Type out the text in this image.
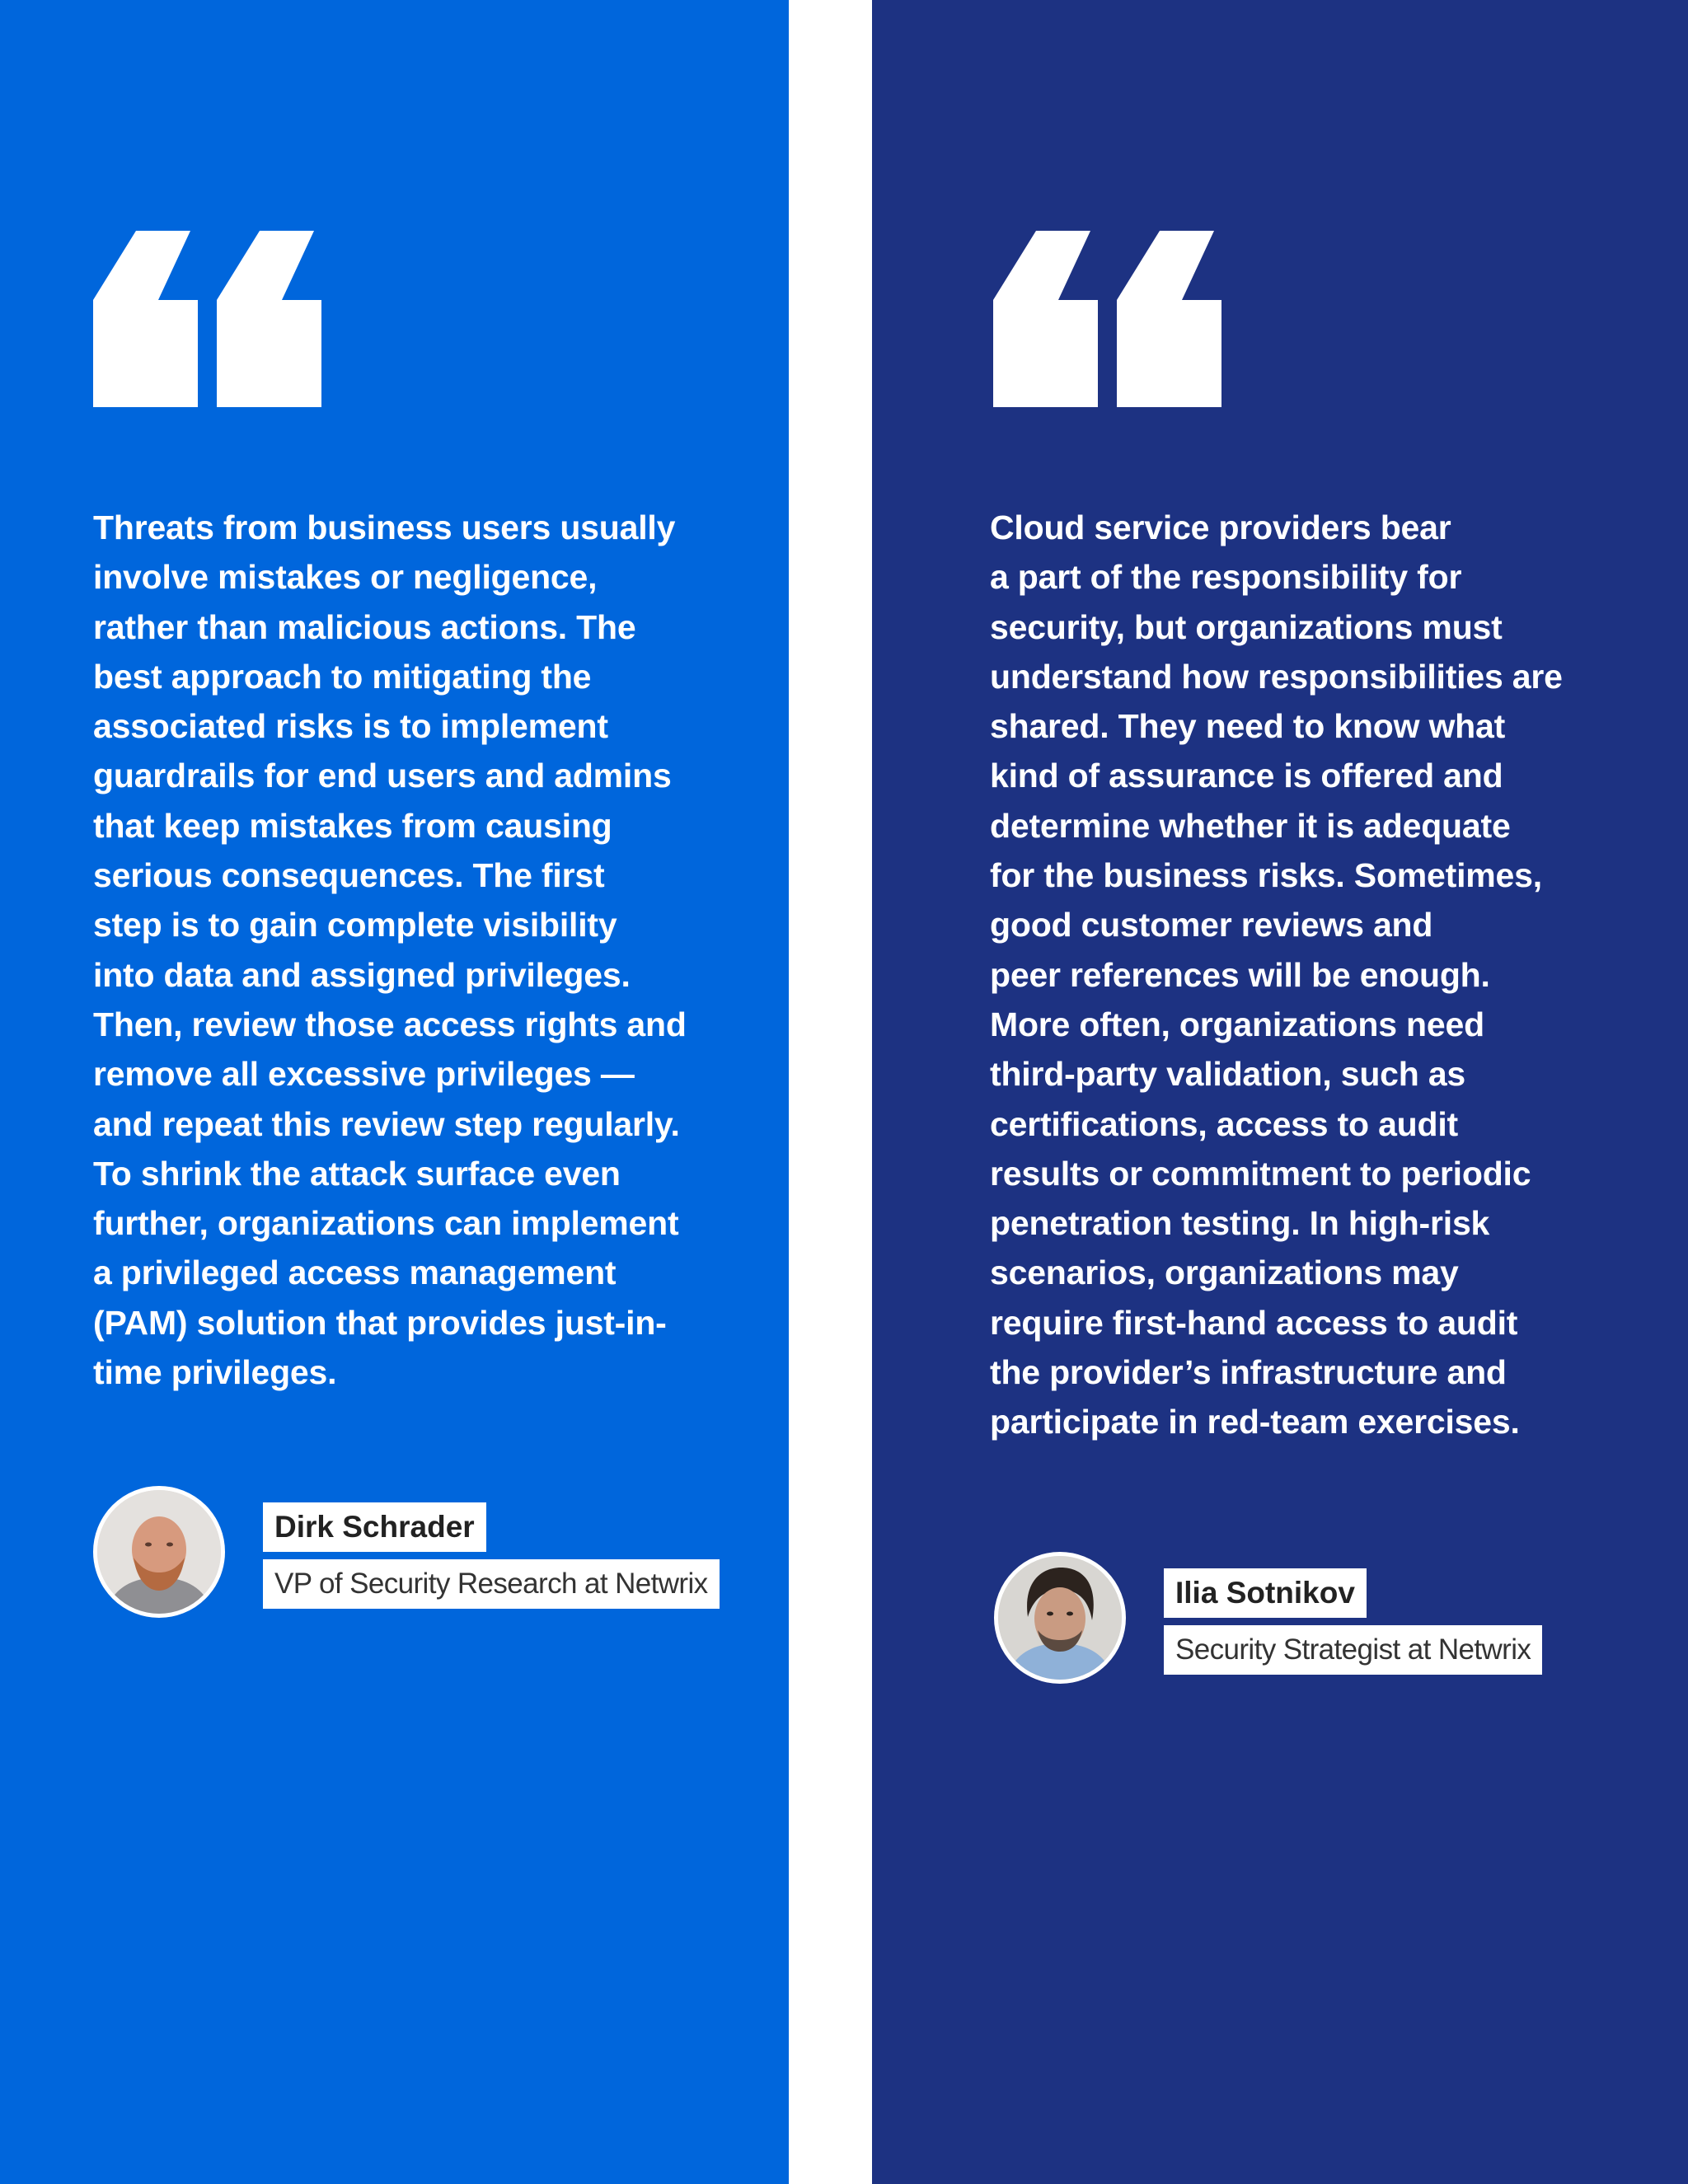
Threats from business users usually
involve mistakes or negligence,
rather than malicious actions. The
best approach to mitigating the
associated risks is to implement
guardrails for end users and admins
that keep mistakes from causing
serious consequences. The first
step is to gain complete visibility
into data and assigned privileges.
Then, review those access rights and
remove all excessive privileges —
and repeat this review step regularly.
To shrink the attack surface even
further, organizations can implement
a privileged access management
(PAM) solution that provides just-in-
time privileges.
Dirk Schrader
VP of Security Research at Netwrix
Cloud service providers bear
a part of the responsibility for
security, but organizations must
understand how responsibilities are
shared. They need to know what
kind of assurance is offered and
determine whether it is adequate
for the business risks. Sometimes,
good customer reviews and
peer references will be enough.
More often, organizations need
third-party validation, such as
certifications, access to audit
results or commitment to periodic
penetration testing. In high-risk
scenarios, organizations may
require first-hand access to audit
the provider’s infrastructure and
participate in red-team exercises.
Ilia Sotnikov
Security Strategist at Netwrix
